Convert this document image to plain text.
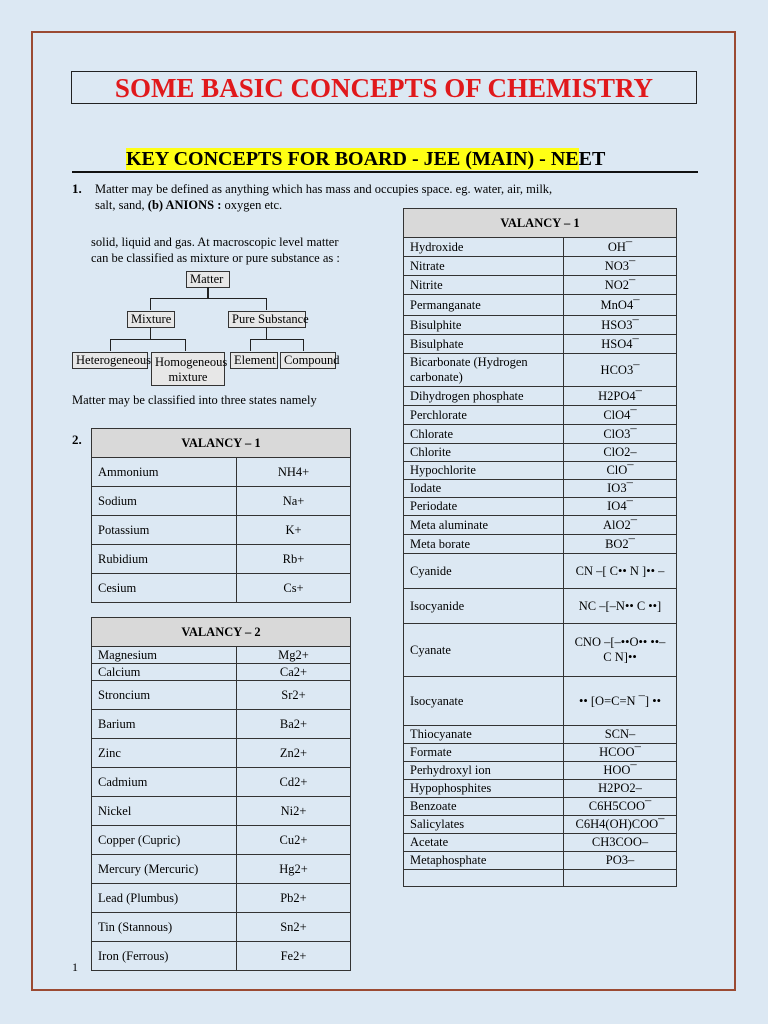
SOME BASIC CONCEPTS OF CHEMISTRY
KEY CONCEPTS FOR BOARD - JEE (MAIN) - NEET
1. Matter may be defined as anything which has mass and occupies space. eg. water, air, milk,
salt, sand, (b) ANIONS : oxygen etc.
solid, liquid and gas. At macroscopic level matter
can be classified as mixture or pure substance as :
Matter
Mixture	Pure Substance
Heterogeneous Homogeneous mixture
Element Compound
Matter may be classified into three states namely
2.	VALANCY – 1	
Ammonium	NH4+
Sodium	Na+
Potassium	K+
Rubidium	Rb+
Cesium	Cs+
VALANCY – 2	
Magnesium	Mg2+
Calcium	Ca2+
Stroncium	Sr2+
Barium	Ba2+
Zinc	Zn2+
Cadmium	Cd2+
Nickel	Ni2+
Copper (Cupric)	Cu2+
Mercury (Mercuric)	Hg2+
Lead (Plumbus)	Pb2+
Tin (Stannous)	Sn2+
Iron (Ferrous)	Fe2+
VALANCY – 1	
Hydroxide	OH¯
Nitrate	NO3¯
Nitrite	NO2¯
Permanganate	MnO4¯
Bisulphite	HSO3¯
Bisulphate	HSO4¯
Bicarbonate (Hydrogen carbonate)	HCO3¯
Dihydrogen phosphate	H2PO4¯
Perchlorate	ClO4¯
Chlorate	ClO3¯
Chlorite	ClO2–
Hypochlorite	ClO¯
Iodate	IO3¯
Periodate	IO4¯
Meta aluminate	AlO2¯
Meta borate	BO2¯
Cyanide	CN –[ C•• N ]•• –
Isocyanide	NC –[–N•• C ••]
Cyanate	CNO –[–••O•• ••– C N]••
Isocyanate	•• [O=C=N ¯] ••
Thiocyanate	SCN–
Formate	HCOO¯
Perhydroxyl ion	HOO¯
Hypophosphites	H2PO2–
Benzoate	C6H5COO¯
Salicylates	C6H4(OH)COO¯
Acetate	CH3COO–
Metaphosphate	PO3–

1
